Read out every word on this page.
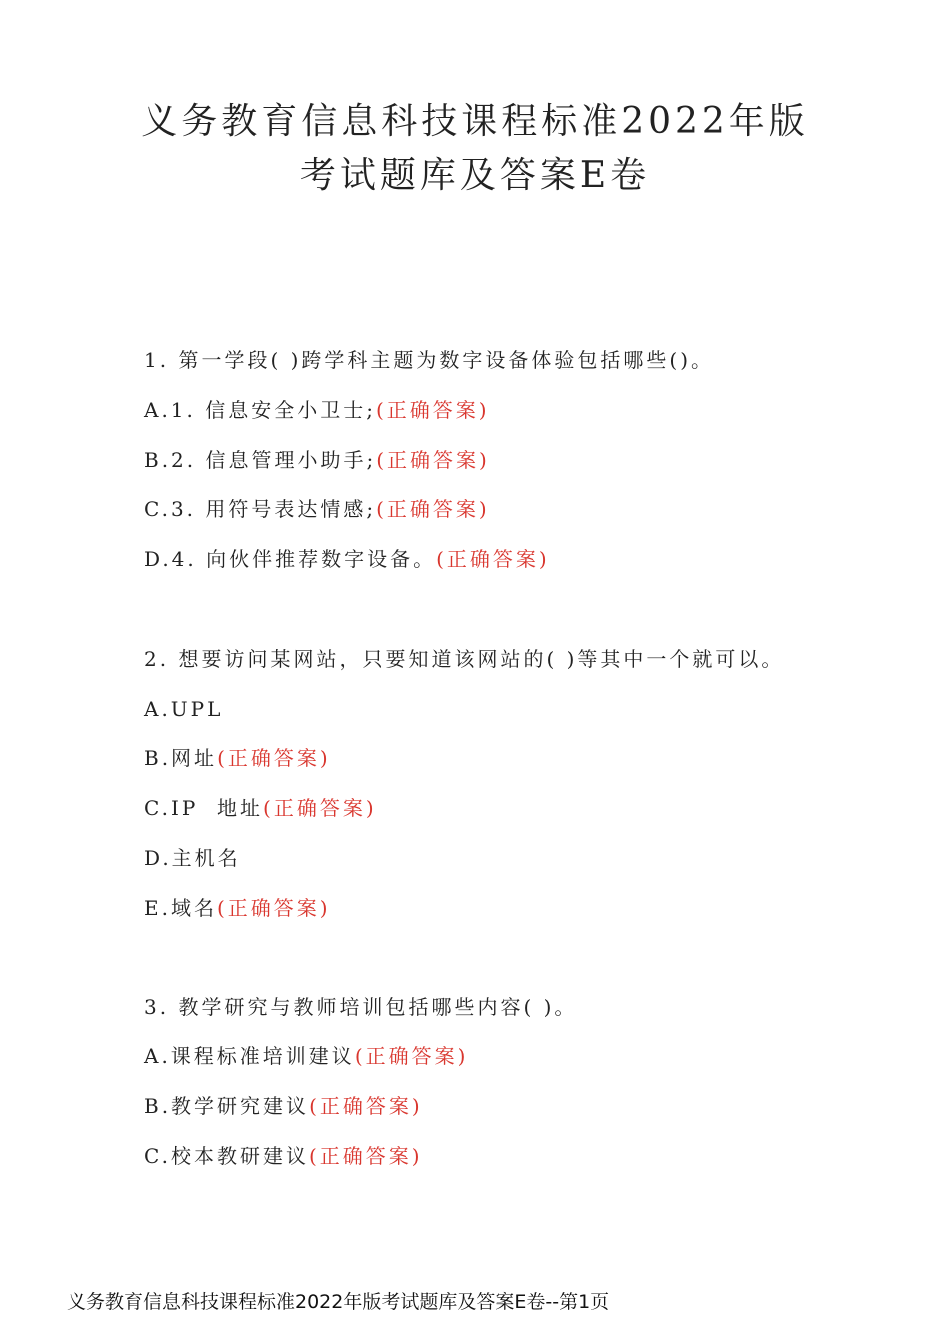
义务教育信息科技课程标准2022年版
考试题库及答案E卷
1. 第一学段( )跨学科主题为数字设备体验包括哪些()。
A.1. 信息安全小卫士;(正确答案)
B.2. 信息管理小助手;(正确答案)
C.3. 用符号表达情感;(正确答案)
D.4. 向伙伴推荐数字设备。(正确答案)
2. 想要访问某网站，只要知道该网站的( )等其中一个就可以。
A.UPL
B.网址(正确答案)
C.IP  地址(正确答案)
D.主机名
E.域名(正确答案)
3. 教学研究与教师培训包括哪些内容( )。
A.课程标准培训建议(正确答案)
B.教学研究建议(正确答案)
C.校本教研建议(正确答案)
义务教育信息科技课程标准2022年版考试题库及答案E卷--第1页
